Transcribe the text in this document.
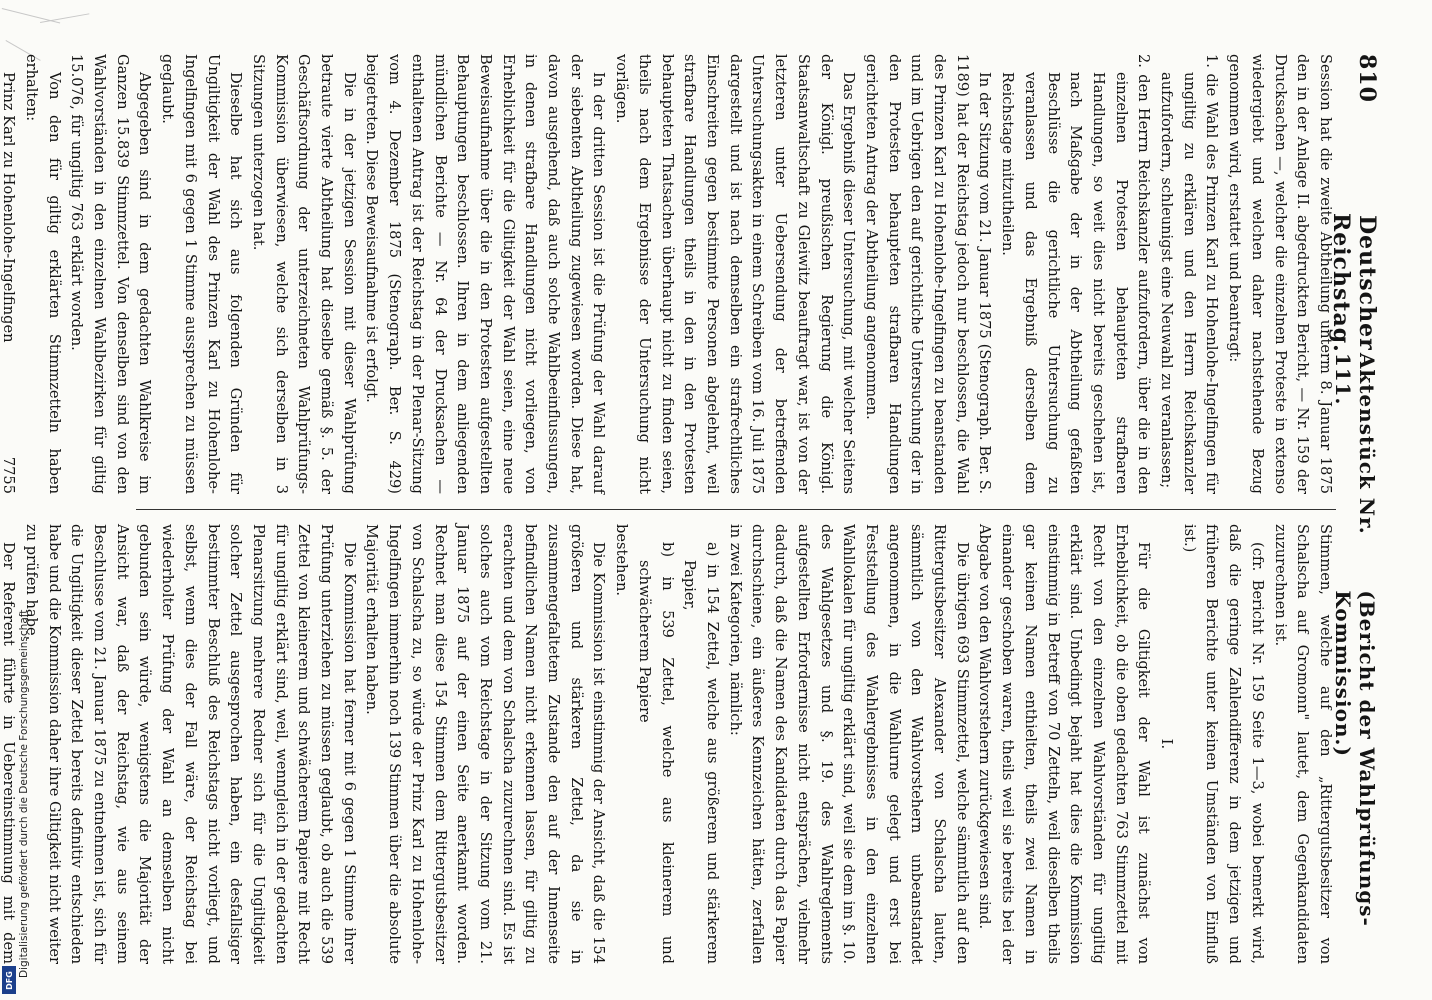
DFG
Digitalisierung gefördert durch die Deutsche Forschungsgemeinschaft
810
Deutscher Reichstag.
Aktenstück Nr. 111.
(Bericht der Wahlprüfungs-Kommission.)

Session hat die zweite Abtheilung unterm 8. Januar 1875 den in der Anlage II. abgedruckten Bericht, — Nr. 159 der Drucksachen —, welcher die einzelnen Proteste in extenso wiedergiebt und welchen daher nachstehende Bezug genommen wird, erstattet und beantragt:

1. die Wahl des Prinzen Karl zu Hohenlohe-Ingelfingen für ungiltig zu erklären und den Herrn Reichskanzler aufzufordern, schleunigst eine Neuwahl zu veranlassen;

2. den Herrn Reichskanzler aufzufordern, über die in den einzelnen Protesten behaupteten strafbaren Handlungen, so weit dies nicht bereits geschehen ist, nach Maßgabe der in der Abtheilung gefaßten Beschlüsse die gerichtliche Untersuchung zu veranlassen und das Ergebniß derselben dem Reichstage mitzutheilen.

In der Sitzung vom 21. Januar 1875 (Stenograph. Ber. S. 1189) hat der Reichstag jedoch nur beschlossen, die Wahl des Prinzen Karl zu Hohenlohe-Ingelfingen zu beanstanden und im Uebrigen den auf gerichtliche Untersuchung der in den Protesten behaupteten strafbaren Handlungen gerichteten Antrag der Abtheilung angenommen.

Das Ergebniß dieser Untersuchung, mit welcher Seitens der Königl. preußischen Regierung die Königl. Staatsanwaltschaft zu Gleiwitz beauftragt war, ist von der letzteren unter Uebersendung der betreffenden Untersuchungsakten in einem Schreiben vom 16. Juli 1875 dargestellt und ist nach demselben ein strafrechtliches Einschreiten gegen bestimmte Personen abgelehnt, weil strafbare Handlungen theils in den in den Protesten behaupteten Thatsachen überhaupt nicht zu finden seien, theils nach dem Ergebnisse der Untersuchung nicht vorlägen.

In der dritten Session ist die Prüfung der Wahl darauf der siebenten Abtheilung zugewiesen worden. Diese hat, davon ausgehend, daß auch solche Wahlbeeinflussungen, in denen strafbare Handlungen nicht vorliegen, von Erheblichkeit für die Giltigkeit der Wahl seien, eine neue Beweisaufnahme über die in den Protesten aufgestellten Behauptungen beschlossen. Ihren in dem anliegenden mündlichen Berichte — Nr. 64 der Drucksachen — enthaltenen Antrag ist der Reichstag in der Plenar-Sitzung vom 4. Dezember 1875 (Stenograph. Ber. S. 429) beigetreten. Diese Beweisaufnahme ist erfolgt.

Die in der jetzigen Session mit dieser Wahlprüfung betraute vierte Abtheilung hat dieselbe gemäß §. 5. der Geschäftsordnung der unterzeichneten Wahlprüfungs-Kommission überwiesen, welche sich derselben in 3 Sitzungen unterzogen hat.

Dieselbe hat sich aus folgenden Gründen für Ungiltigkeit der Wahl des Prinzen Karl zu Hohenlohe-Ingelfingen mit 6 gegen 1 Stimme aussprechen zu müssen geglaubt.

Abgegeben sind in dem gedachten Wahlkreise im Ganzen 15.839 Stimmzettel. Von denselben sind von den Wahlvorständen in den einzelnen Wahlbezirken für giltig 15.076, für ungiltig 763 erklärt worden.

Von den für giltig erklärten Stimmzetteln haben erhalten:

Prinz Karl zu Hohenlohe-Ingelfingen
7755

Stimmen, welche auf den „Rittergutsbesitzer von Schalscha auf Gromonn" lautet, dem Gegenkandidaten zuzurechnen ist.

(cfr. Bericht Nr. 159 Seite 1—3, wobei bemerkt wird, daß die geringe Zahlendifferenz in dem jetzigen und früheren Berichte unter keinen Umständen von Einfluß ist.)

I.

Für die Giltigkeit der Wahl ist zunächst von Erheblichkeit, ob die oben gedachten 763 Stimmzettel mit Recht von den einzelnen Wahlvorständen für ungiltig erklärt sind. Unbedingt bejaht hat dies die Kommission einstimmig in Betreff von 70 Zetteln, weil dieselben theils gar keinen Namen enthielten, theils zwei Namen in einander geschoben waren, theils weil sie bereits bei der Abgabe von den Wahlvorstehern zurückgewiesen sind.

Die übrigen 693 Stimmzettel, welche sämmtlich auf den Rittergutsbesitzer Alexander von Schalscha lauten, sämmtlich von den Wahlvorstehern unbeanstandet angenommen, in die Wahlurne gelegt und erst bei Feststellung des Wahlergebnisses in den einzelnen Wahllokalen für ungiltig erklärt sind, weil sie dem im §. 10. des Wahlgesetzes und §. 19. des Wahlreglements aufgestellten Erfordernisse nicht entsprächen, vielmehr dadurch, daß die Namen des Kandidaten durch das Papier durchschiene, ein äußeres Kennzeichen hätten, zerfallen in zwei Kategorien, nämlich:

a) in 154 Zettel, welche aus größerem und stärkerem Papier,

b) in 539 Zettel, welche aus kleinerem und schwächerem Papiere

bestehen.

Die Kommission ist einstimmig der Ansicht, daß die 154 größeren und stärkeren Zettel, da sie in zusammengefaltetem Zustande den auf der Innenseite befindlichen Namen nicht erkennen lassen, für giltig zu erachten und dem von Schalscha zuzurechnen sind. Es ist solches auch vom Reichstage in der Sitzung vom 21. Januar 1875 auf der einen Seite anerkannt worden. Rechnet man diese 154 Stimmen dem Rittergutsbesitzer von Schalscha zu, so würde der Prinz Karl zu Hohenlohe-Ingelfingen immerhin noch 139 Stimmen über die absolute Majorität erhalten haben.

Die Kommission hat ferner mit 6 gegen 1 Stimme ihrer Prüfung unterziehen zu müssen geglaubt, ob auch die 539 Zettel von kleinerem und schwächerem Papiere mit Recht für ungiltig erklärt sind, weil, wenngleich in der gedachten Plenarsitzung mehrere Redner sich für die Ungiltigkeit solcher Zettel ausgesprochen haben, ein desfallsiger bestimmter Beschluß des Reichstags nicht vorliegt, und selbst, wenn dies der Fall wäre, der Reichstag bei wiederholter Prüfung der Wahl an demselben nicht gebunden sein würde, wenigstens die Majorität der Ansicht war, daß der Reichstag, wie aus seinem Beschlusse vom 21. Januar 1875 zu entnehmen ist, sich für die Ungiltigkeit dieser Zettel bereits definitiv entschieden habe und die Kommission daher ihre Giltigkeit nicht weiter zu prüfen habe.

Der Referent führte in Uebereinstimmung mit dem
